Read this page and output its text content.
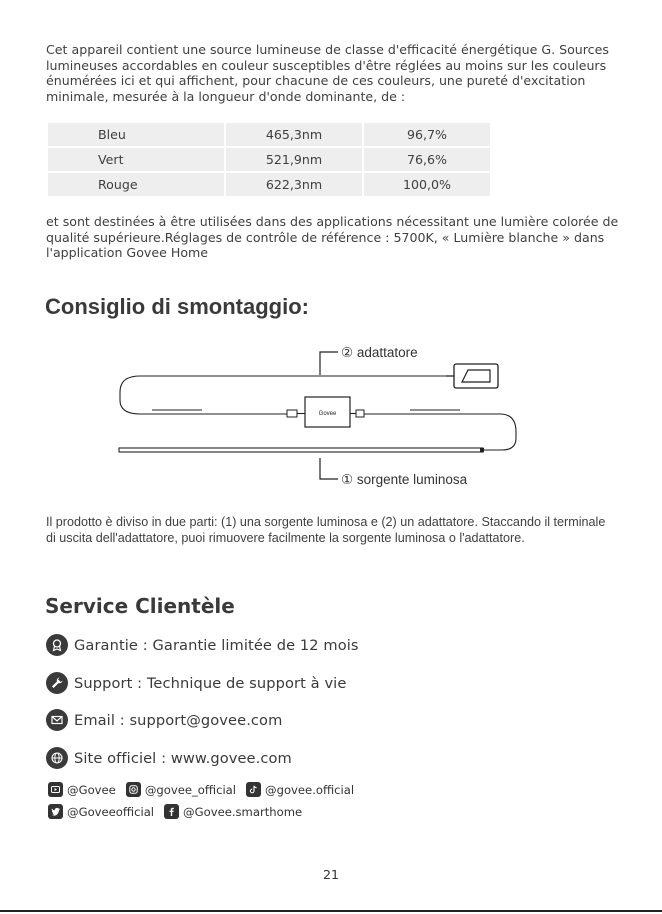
Cet appareil contient une source lumineuse de classe d'efficacité énergétique G. Sources lumineuses accordables en couleur susceptibles d'être réglées au moins sur les couleurs énumérées ici et qui affichent, pour chacune de ces couleurs, une pureté d'excitation minimale, mesurée à la longueur d'onde dominante, de :
Bleu	465,3nm	96,7%
Vert	521,9nm	76,6%
Rouge	622,3nm	100,0%
et sont destinées à être utilisées dans des applications nécessitant une lumière colorée de qualité supérieure.Réglages de contrôle de référence : 5700K, « Lumière blanche » dans l'application Govee Home
Consiglio di smontaggio:
② adattatore
Govee
① sorgente luminosa
Il prodotto è diviso in due parti: (1) una sorgente luminosa e (2) un adattatore. Staccando il terminale di uscita dell'adattatore, puoi rimuovere facilmente la sorgente luminosa o l'adattatore.
Service Clientèle
Garantie : Garantie limitée de 12 mois
Support : Technique de support à vie
Email : support@govee.com
Site officiel : www.govee.com
@Govee	@govee_official	@govee.official
@Goveeofficial	@Govee.smarthome
21
